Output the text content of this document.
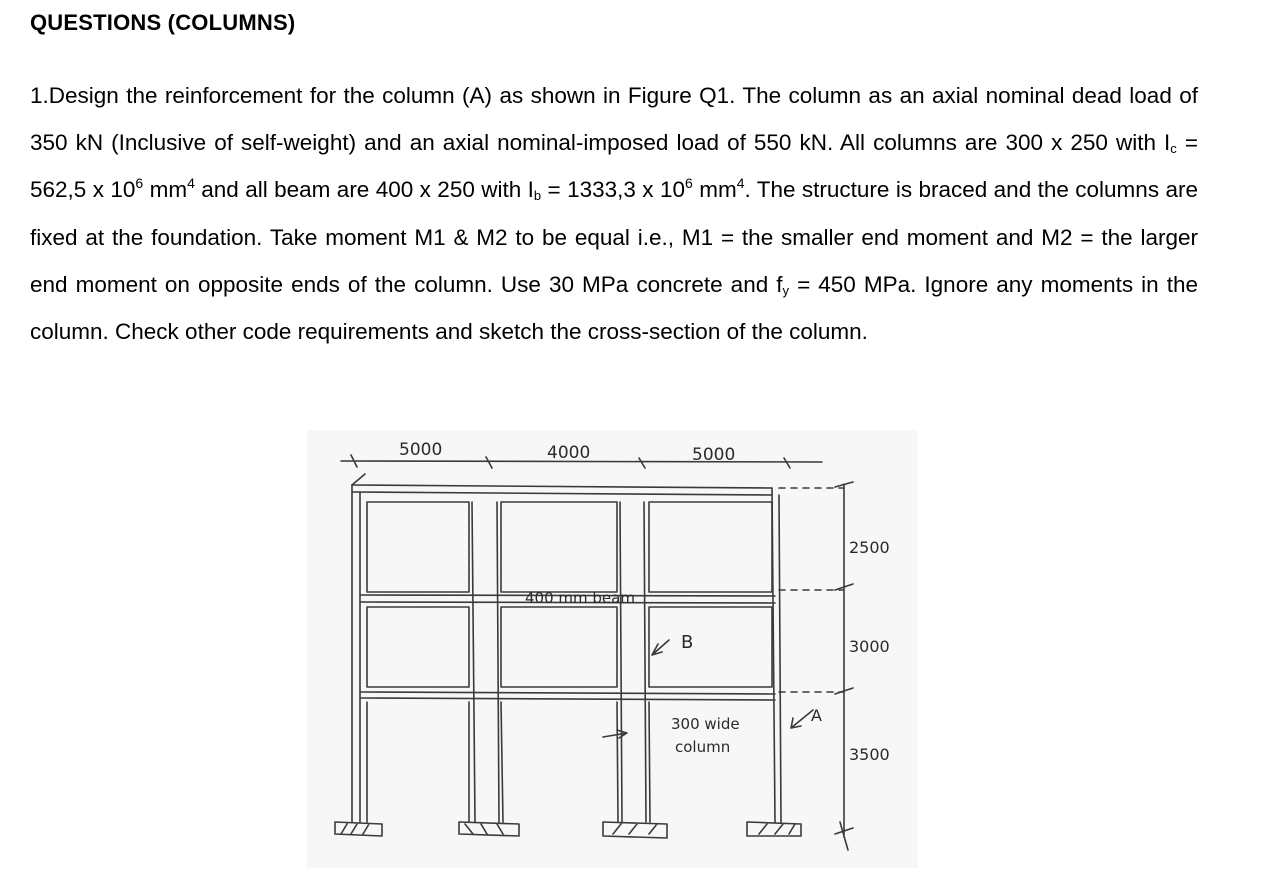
QUESTIONS (COLUMNS)

1.Design the reinforcement for the column (A) as shown in Figure Q1. The column as an axial nominal dead load of 350 kN (Inclusive of self-weight) and an axial nominal-imposed load of 550 kN. All columns are 300 x 250 with $I_c = 562,5$ x $10^6$ $mm^4$ and all beam are 400 x 250 with $I_b = 1333,3$ x $10^6$ $mm^4$. The structure is braced and the columns are fixed at the foundation. Take moment M1 & M2 to be equal i.e., M1 = the smaller end moment and M2 = the larger end moment on opposite ends of the column. Use 30 MPa concrete and $f_y = 450$ MPa. Ignore any moments in the column. Check other code requirements and sketch the cross-section of the column.

5000	4000	5000
2500
3000
3500
400 mm beam
B
300 wide
column
A
